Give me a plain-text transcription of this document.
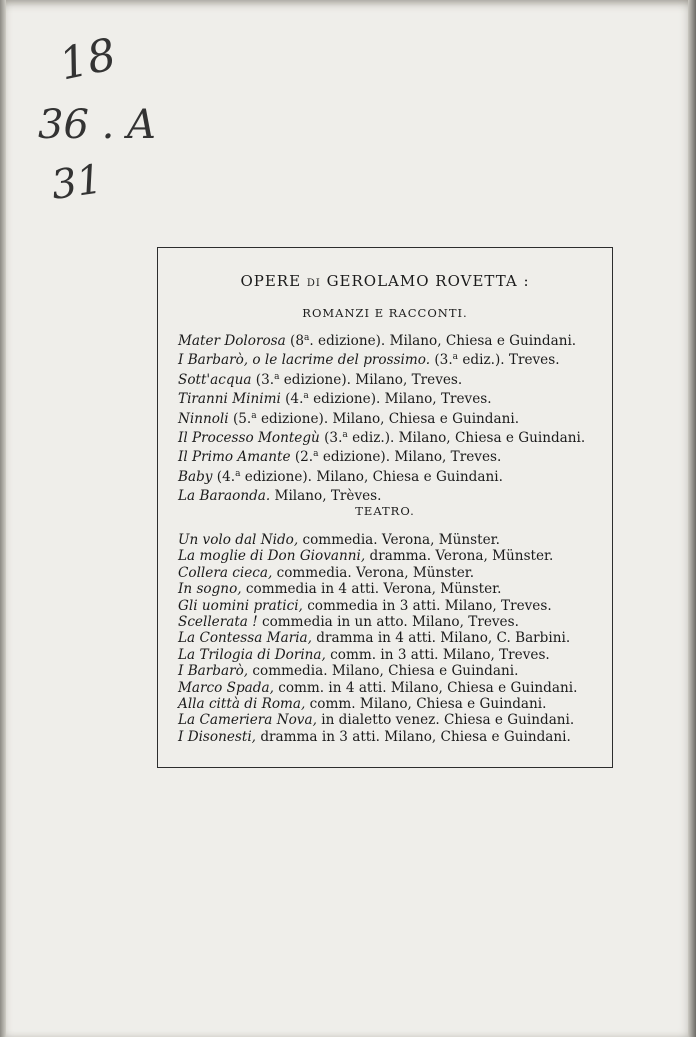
18
36 . A
31
OPERE DI GEROLAMO ROVETTA :
ROMANZI E RACCONTI.
Mater Dolorosa (8$^a$. edizione). Milano, Chiesa e Guindani.
I Barbarò, o le lacrime del prossimo. (3.$^a$ ediz.). Treves.
Sott'acqua (3.$^a$ edizione). Milano, Treves.
Tiranni Minimi (4.$^a$ edizione). Milano, Treves.
Ninnoli (5.$^a$ edizione). Milano, Chiesa e Guindani.
Il Processo Montegù (3.$^a$ ediz.). Milano, Chiesa e Guindani.
Il Primo Amante (2.$^a$ edizione). Milano, Treves.
Baby (4.$^a$ edizione). Milano, Chiesa e Guindani.
La Baraonda. Milano, Trèves.
TEATRO.
Un volo dal Nido, commedia. Verona, Münster.
La moglie di Don Giovanni, dramma. Verona, Münster.
Collera cieca, commedia. Verona, Münster.
In sogno, commedia in 4 atti. Verona, Münster.
Gli uomini pratici, commedia in 3 atti. Milano, Treves.
Scellerata ! commedia in un atto. Milano, Treves.
La Contessa Maria, dramma in 4 atti. Milano, C. Barbini.
La Trilogia di Dorina, comm. in 3 atti. Milano, Treves.
I Barbarò, commedia. Milano, Chiesa e Guindani.
Marco Spada, comm. in 4 atti. Milano, Chiesa e Guindani.
Alla città di Roma, comm. Milano, Chiesa e Guindani.
La Cameriera Nova, in dialetto venez. Chiesa e Guindani.
I Disonesti, dramma in 3 atti. Milano, Chiesa e Guindani.
